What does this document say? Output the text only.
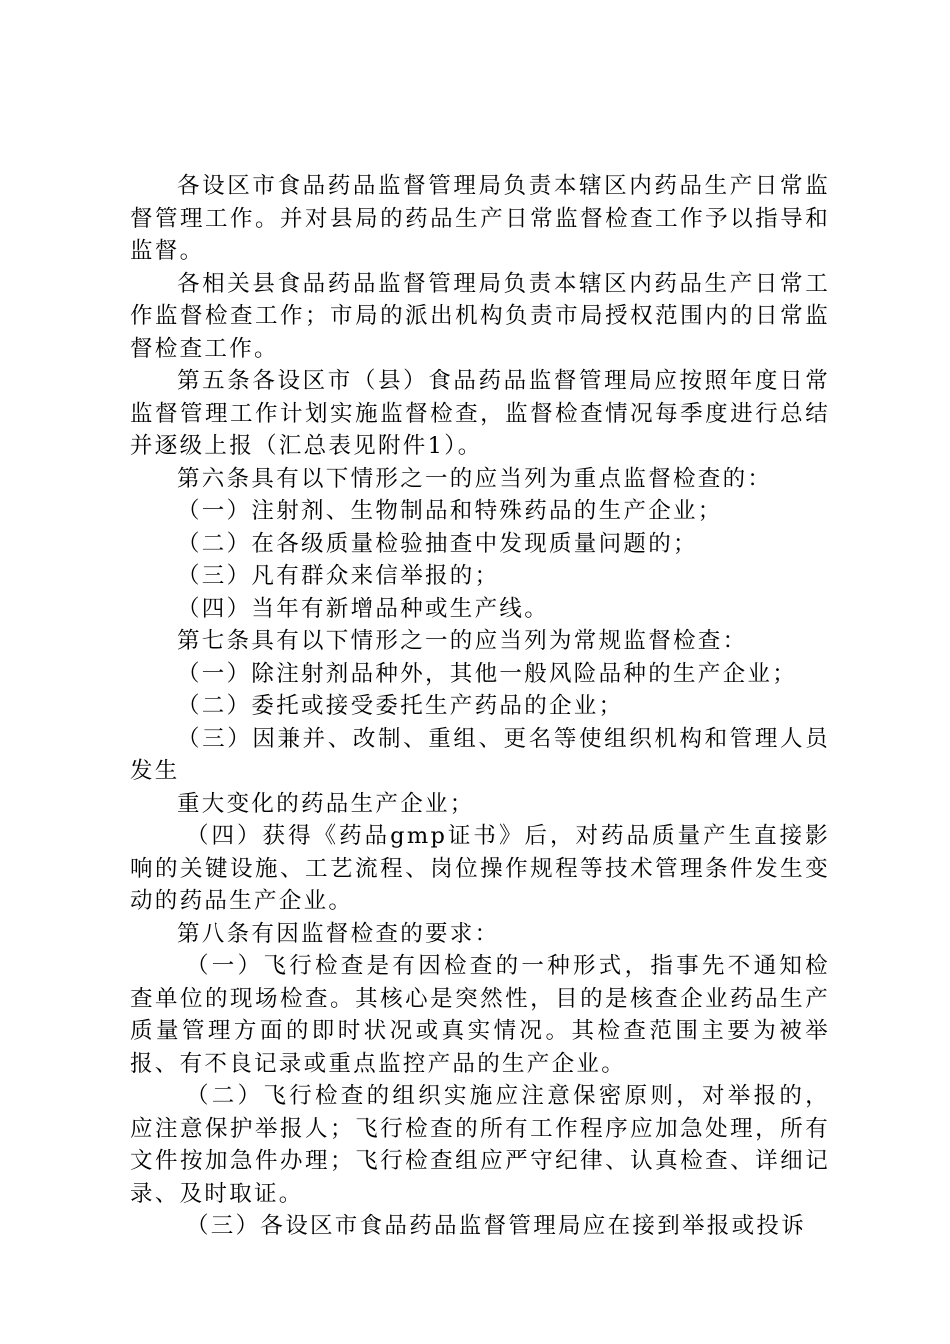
各设区市食品药品监督管理局负责本辖区内药品生产日常监督管理工作。并对县局的药品生产日常监督检查工作予以指导和监督。

各相关县食品药品监督管理局负责本辖区内药品生产日常工作监督检查工作；市局的派出机构负责市局授权范围内的日常监督检查工作。

第五条各设区市（县）食品药品监督管理局应按照年度日常监督管理工作计划实施监督检查，监督检查情况每季度进行总结并逐级上报（汇总表见附件1）。

第六条具有以下情形之一的应当列为重点监督检查的：

（一）注射剂、生物制品和特殊药品的生产企业；

（二）在各级质量检验抽查中发现质量问题的；

（三）凡有群众来信举报的；

（四）当年有新增品种或生产线。

第七条具有以下情形之一的应当列为常规监督检查：

（一）除注射剂品种外，其他一般风险品种的生产企业；

（二）委托或接受委托生产药品的企业；

（三）因兼并、改制、重组、更名等使组织机构和管理人员发生

重大变化的药品生产企业；

（四）获得《药品gmp证书》后，对药品质量产生直接影响的关键设施、工艺流程、岗位操作规程等技术管理条件发生变动的药品生产企业。

第八条有因监督检查的要求：

（一）飞行检查是有因检查的一种形式，指事先不通知检查单位的现场检查。其核心是突然性，目的是核查企业药品生产质量管理方面的即时状况或真实情况。其检查范围主要为被举报、有不良记录或重点监控产品的生产企业。

（二）飞行检查的组织实施应注意保密原则，对举报的，应注意保护举报人；飞行检查的所有工作程序应加急处理，所有文件按加急件办理；飞行检查组应严守纪律、认真检查、详细记录、及时取证。

（三）各设区市食品药品监督管理局应在接到举报或投诉
